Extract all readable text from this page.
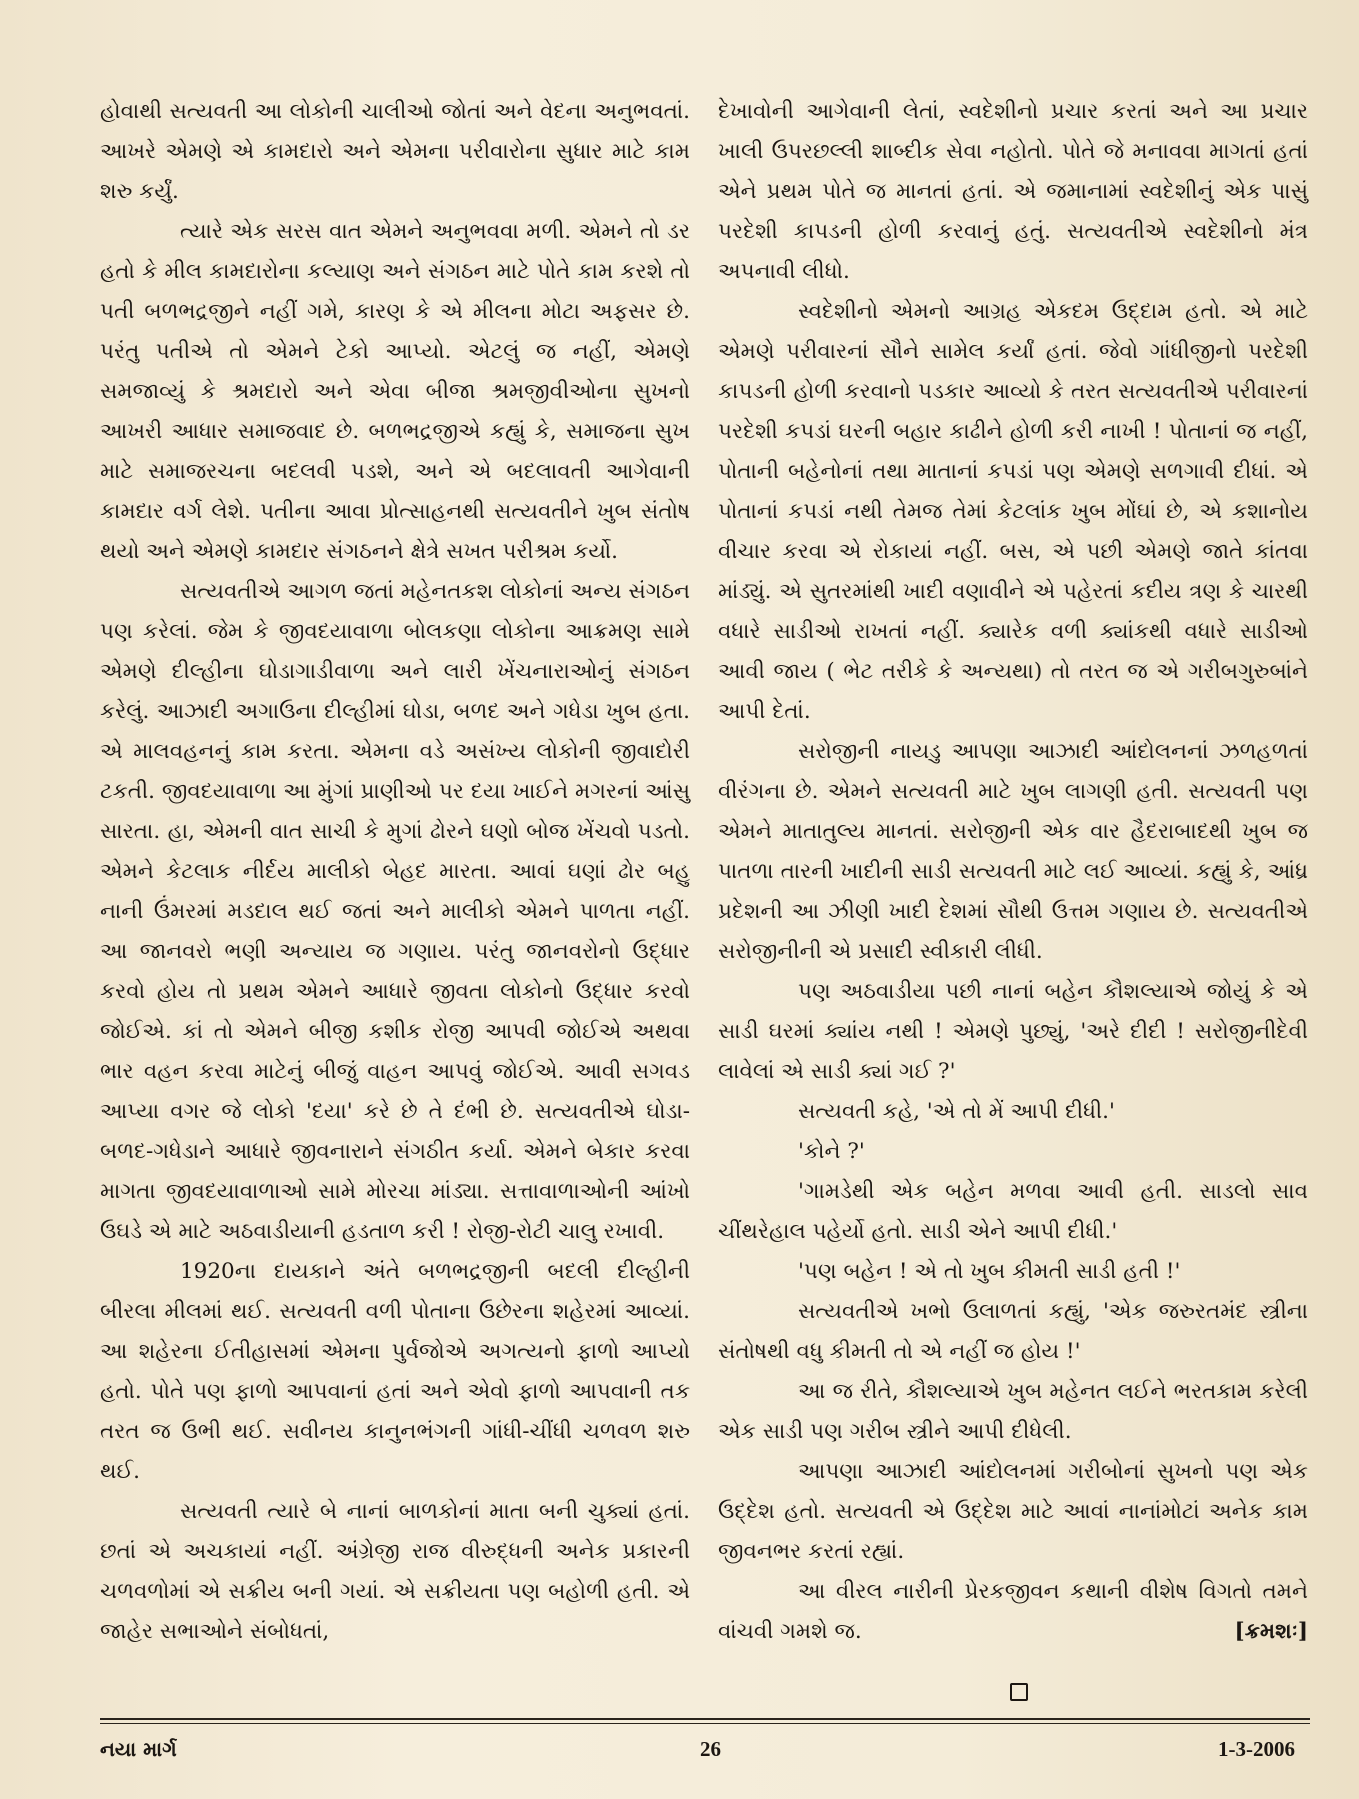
હોવાથી સત્યવતી આ લોકોની ચાલીઓ જોતાં અને વેદના અનુભવતાં. આખરે એમણે એ કામદારો અને એમના પરીવારોના સુધાર માટે કામ શરુ કર્યું.

ત્યારે એક સરસ વાત એમને અનુભવવા મળી. એમને તો ડર હતો કે મીલ કામદારોના કલ્યાણ અને સંગઠન માટે પોતે કામ કરશે તો પતી બળભદ્રજીને નહીં ગમે, કારણ કે એ મીલના મોટા અફસર છે. પરંતુ પતીએ તો એમને ટેકો આપ્યો. એટલું જ નહીં, એમણે સમજાવ્યું કે શ્રમદારો અને એવા બીજા શ્રમજીવીઓના સુખનો આખરી આધાર સમાજવાદ છે. બળભદ્રજીએ કહ્યું કે, સમાજના સુખ માટે સમાજરચના બદલવી પડશે, અને એ બદલાવતી આગેવાની કામદાર વર્ગ લેશે. પતીના આવા પ્રોત્સાહનથી સત્યવતીને ખુબ સંતોષ થયો અને એમણે કામદાર સંગઠનને ક્ષેત્રે સખત પરીશ્રમ કર્યો.

સત્યવતીએ આગળ જતાં મહેનતકશ લોકોનાં અન્ય સંગઠન પણ કરેલાં. જેમ કે જીવદયાવાળા બોલકણા લોકોના આક્રમણ સામે એમણે દીલ્હીના ઘોડાગાડીવાળા અને લારી ખેંચનારાઓનું સંગઠન કરેલું. આઝાદી અગાઉના દીલ્હીમાં ઘોડા, બળદ અને ગધેડા ખુબ હતા. એ માલવહનનું કામ કરતા. એમના વડે અસંખ્ય લોકોની જીવાદોરી ટકતી. જીવદયાવાળા આ મુંગાં પ્રાણીઓ પર દયા ખાઈને મગરનાં આંસુ સારતા. હા, એમની વાત સાચી કે મુગાં ઢોરને ઘણો બોજ ખેંચવો પડતો. એમને કેટલાક નીર્દય માલીકો બેહદ મારતા. આવાં ઘણાં ઢોર બહુ નાની ઉંમરમાં મડદાલ થઈ જતાં અને માલીકો એમને પાળતા નહીં. આ જાનવરો ભણી અન્યાય જ ગણાય. પરંતુ જાનવરોનો ઉદ્ધાર કરવો હોય તો પ્રથમ એમને આધારે જીવતા લોકોનો ઉદ્ધાર કરવો જોઈએ. કાં તો એમને બીજી કશીક રોજી આપવી જોઈએ અથવા ભાર વહન કરવા માટેનું બીજું વાહન આપવું જોઈએ. આવી સગવડ આપ્યા વગર જે લોકો 'દયા' કરે છે તે દંભી છે. સત્યવતીએ ઘોડા-બળદ-ગધેડાને આધારે જીવનારાને સંગઠીત કર્યા. એમને બેકાર કરવા માગતા જીવદયાવાળાઓ સામે મોરચા માંડ્યા. સત્તાવાળાઓની આંખો ઉઘડે એ માટે અઠવાડીયાની હડતાળ કરી ! રોજી-રોટી ચાલુ રખાવી.

1920ના દાયકાને અંતે બળભદ્રજીની બદલી દીલ્હીની બીરલા મીલમાં થઈ. સત્યવતી વળી પોતાના ઉછેરના શહેરમાં આવ્યાં. આ શહેરના ઈતીહાસમાં એમના પુર્વજોએ અગત્યનો ફાળો આપ્યો હતો. પોતે પણ ફાળો આપવાનાં હતાં અને એવો ફાળો આપવાની તક તરત જ ઉભી થઈ. સવીનય કાનુનભંગની ગાંધી-ચીંધી ચળવળ શરુ થઈ.

સત્યવતી ત્યારે બે નાનાં બાળકોનાં માતા બની ચુક્યાં હતાં. છતાં એ અચકાયાં નહીં. અંગ્રેજી રાજ વીરુદ્ધની અનેક પ્રકારની ચળવળોમાં એ સક્રીય બની ગયાં. એ સક્રીયતા પણ બહોળી હતી. એ જાહેર સભાઓને સંબોધતાં,

દેખાવોની આગેવાની લેતાં, સ્વદેશીનો પ્રચાર કરતાં અને આ પ્રચાર ખાલી ઉપરછલ્લી શાબ્દીક સેવા નહોતો. પોતે જે મનાવવા માગતાં હતાં એને પ્રથમ પોતે જ માનતાં હતાં. એ જમાનામાં સ્વદેશીનું એક પાસું પરદેશી કાપડની હોળી કરવાનું હતું. સત્યવતીએ સ્વદેશીનો મંત્ર અપનાવી લીધો.

સ્વદેશીનો એમનો આગ્રહ એકદમ ઉદ્દામ હતો. એ માટે એમણે પરીવારનાં સૌને સામેલ કર્યાં હતાં. જેવો ગાંધીજીનો પરદેશી કાપડની હોળી કરવાનો પડકાર આવ્યો કે તરત સત્યવતીએ પરીવારનાં પરદેશી કપડાં ઘરની બહાર કાઢીને હોળી કરી નાખી ! પોતાનાં જ નહીં, પોતાની બહેનોનાં તથા માતાનાં કપડાં પણ એમણે સળગાવી દીધાં. એ પોતાનાં કપડાં નથી તેમજ તેમાં કેટલાંક ખુબ મોંઘાં છે, એ કશાનોય વીચાર કરવા એ રોકાયાં નહીં. બસ, એ પછી એમણે જાતે કાંતવા માંડ્યું. એ સુતરમાંથી ખાદી વણાવીને એ પહેરતાં કદીય ત્રણ કે ચારથી વધારે સાડીઓ રાખતાં નહીં. ક્યારેક વળી ક્યાંકથી વધારે સાડીઓ આવી જાય ( ભેટ તરીકે કે અન્યથા) તો તરત જ એ ગરીબગુરુબાંને આપી દેતાં.

સરોજીની નાયડુ આપણા આઝાદી આંદોલનનાં ઝળહળતાં વીરંગના છે. એમને સત્યવતી માટે ખુબ લાગણી હતી. સત્યવતી પણ એમને માતાતુલ્ય માનતાં. સરોજીની એક વાર હૈદરાબાદથી ખુબ જ પાતળા તારની ખાદીની સાડી સત્યવતી માટે લઈ આવ્યાં. કહ્યું કે, આંધ્ર પ્રદેશની આ ઝીણી ખાદી દેશમાં સૌથી ઉત્તમ ગણાય છે. સત્યવતીએ સરોજીનીની એ પ્રસાદી સ્વીકારી લીધી.

પણ અઠવાડીયા પછી નાનાં બહેન કૌશલ્યાએ જોયું કે એ સાડી ઘરમાં ક્યાંય નથી ! એમણે પુછ્યું, 'અરે દીદી ! સરોજીનીદેવી લાવેલાં એ સાડી ક્યાં ગઈ ?'

સત્યવતી કહે, 'એ તો મેં આપી દીધી.'

'કોને ?'

'ગામડેથી એક બહેન મળવા આવી હતી. સાડલો સાવ ચીંથરેહાલ પહેર્યો હતો. સાડી એને આપી દીધી.'

'પણ બહેન ! એ તો ખુબ કીમતી સાડી હતી !'

સત્યવતીએ ખભો ઉલાળતાં કહ્યું, 'એક જરુરતમંદ સ્ત્રીના સંતોષથી વધુ કીમતી તો એ નહીં જ હોય !'

આ જ રીતે, કૌશલ્યાએ ખુબ મહેનત લઈને ભરતકામ કરેલી એક સાડી પણ ગરીબ સ્ત્રીને આપી દીધેલી.

આપણા આઝાદી આંદોલનમાં ગરીબોનાં સુખનો પણ એક ઉદ્દેશ હતો. સત્યવતી એ ઉદ્દેશ માટે આવાં નાનાંમોટાં અનેક કામ જીવનભર કરતાં રહ્યાં.

આ વીરલ નારીની પ્રેરકજીવન કથાની વીશેષ વિગતો તમને વાંચવી ગમશે જ.	[ક્રમશઃ]
નયા માર્ગ	26	1-3-2006
